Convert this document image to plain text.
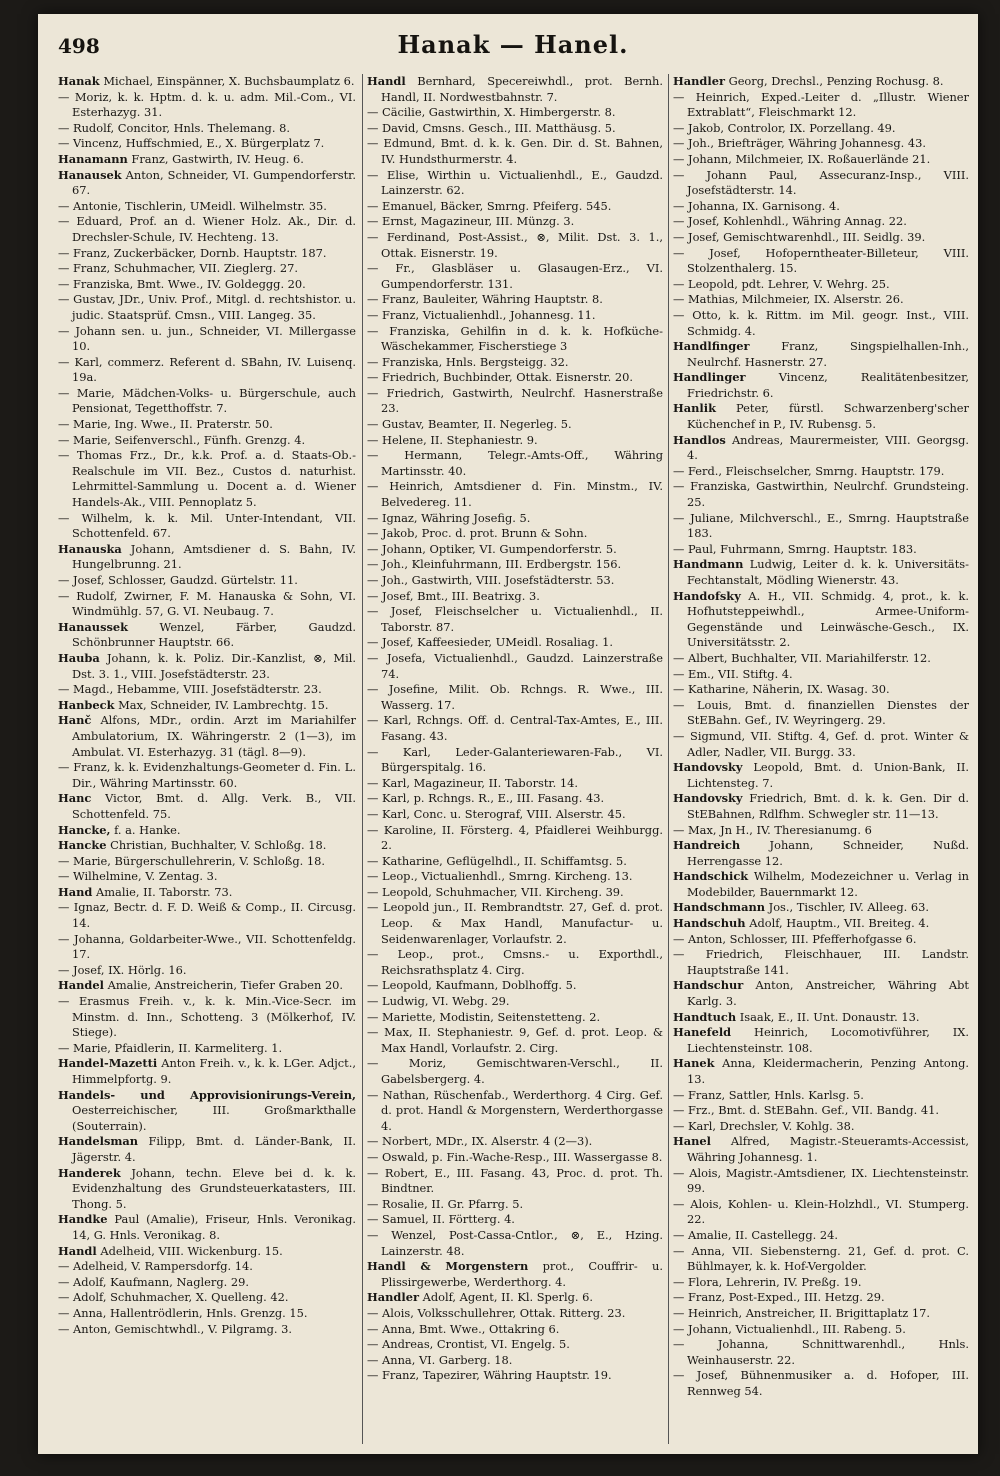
498	Hanak — Hanel.
Hanak Michael, Einspänner, X. Buchsbaumplatz 6.
— Moriz, k. k. Hptm. d. k. u. adm. Mil.-Com., VI. Esterhazyg. 31.
— Rudolf, Concitor, Hnls. Thelemang. 8.
— Vincenz, Huffschmied, E., X. Bürgerplatz 7.
Hanamann Franz, Gastwirth, IV. Heug. 6.
Hanausek Anton, Schneider, VI. Gumpendorferstr. 67.
— Antonie, Tischlerin, UMeidl. Wilhelmstr. 35.
— Eduard, Prof. an d. Wiener Holz. Ak., Dir. d. Drechsler-Schule, IV. Hechteng. 13.
— Franz, Zuckerbäcker, Dornb. Hauptstr. 187.
— Franz, Schuhmacher, VII. Zieglerg. 27.
— Franziska, Bmt. Wwe., IV. Goldeggg. 20.
— Gustav, JDr., Univ. Prof., Mitgl. d. rechtshistor. u. judic. Staatsprüf. Cmsn., VIII. Langeg. 35.
— Johann sen. u. jun., Schneider, VI. Millergasse 10.
— Karl, commerz. Referent d. SBahn, IV. Luisenq. 19a.
— Marie, Mädchen-Volks- u. Bürgerschule, auch Pensionat, Tegetthoffstr. 7.
— Marie, Ing. Wwe., II. Praterstr. 50.
— Marie, Seifenverschl., Fünfh. Grenzg. 4.
— Thomas Frz., Dr., k.k. Prof. a. d. Staats-Ob.-Realschule im VII. Bez., Custos d. naturhist. Lehrmittel-Sammlung u. Docent a. d. Wiener Handels-Ak., VIII. Pennoplatz 5.
— Wilhelm, k. k. Mil. Unter-Intendant, VII. Schottenfeld. 67.
Hanauska Johann, Amtsdiener d. S. Bahn, IV. Hungelbrunng. 21.
— Josef, Schlosser, Gaudzd. Gürtelstr. 11.
— Rudolf, Zwirner, F. M. Hanauska & Sohn, VI. Windmühlg. 57, G. VI. Neubaug. 7.
Hanaussek Wenzel, Färber, Gaudzd. Schönbrunner Hauptstr. 66.
Hauba Johann, k. k. Poliz. Dir.-Kanzlist, ⊗, Mil. Dst. 3. 1., VIII. Josefstädterstr. 23.
— Magd., Hebamme, VIII. Josefstädterstr. 23.
Hanbeck Max, Schneider, IV. Lambrechtg. 15.
Hanč Alfons, MDr., ordin. Arzt im Mariahilfer Ambulatorium, IX. Währingerstr. 2 (1—3), im Ambulat. VI. Esterhazyg. 31 (tägl. 8—9).
— Franz, k. k. Evidenzhaltungs-Geometer d. Fin. L. Dir., Währing Martinsstr. 60.
Hanc Victor, Bmt. d. Allg. Verk. B., VII. Schottenfeld. 75.
Hancke, f. a. Hanke.
Hancke Christian, Buchhalter, V. Schloßg. 18.
— Marie, Bürgerschullehrerin, V. Schloßg. 18.
— Wilhelmine, V. Zentag. 3.
Hand Amalie, II. Taborstr. 73.
— Ignaz, Bectr. d. F. D. Weiß & Comp., II. Circusg. 14.
— Johanna, Goldarbeiter-Wwe., VII. Schottenfeldg. 17.
— Josef, IX. Hörlg. 16.
Handel Amalie, Anstreicherin, Tiefer Graben 20.
— Erasmus Freih. v., k. k. Min.-Vice-Secr. im Minstm. d. Inn., Schotteng. 3 (Mölkerhof, IV. Stiege).
— Marie, Pfaidlerin, II. Karmeliterg. 1.
Handel-Mazetti Anton Freih. v., k. k. LGer. Adjct., Himmelpfortg. 9.
Handels- und Approvisionirungs-Verein, Oesterreichischer, III. Großmarkthalle (Souterrain).
Handelsman Filipp, Bmt. d. Länder-Bank, II. Jägerstr. 4.
Handerek Johann, techn. Eleve bei d. k. k. Evidenzhaltung des Grundsteuerkatasters, III. Thong. 5.
Handke Paul (Amalie), Friseur, Hnls. Veronikag. 14, G. Hnls. Veronikag. 8.
Handl Adelheid, VIII. Wickenburg. 15.
— Adelheid, V. Rampersdorfg. 14.
— Adolf, Kaufmann, Naglerg. 29.
— Adolf, Schuhmacher, X. Quelleng. 42.
— Anna, Hallentrödlerin, Hnls. Grenzg. 15.
— Anton, Gemischtwhdl., V. Pilgramg. 3.
Handl Bernhard, Specereiwhdl., prot. Bernh. Handl, II. Nordwestbahnstr. 7.
— Cäcilie, Gastwirthin, X. Himbergerstr. 8.
— David, Cmsns. Gesch., III. Matthäusg. 5.
— Edmund, Bmt. d. k. k. Gen. Dir. d. St. Bahnen, IV. Hundsthurmerstr. 4.
— Elise, Wirthin u. Victualienhdl., E., Gaudzd. Lainzerstr. 62.
— Emanuel, Bäcker, Smrng. Pfeiferg. 545.
— Ernst, Magazineur, III. Münzg. 3.
— Ferdinand, Post-Assist., ⊗, Milit. Dst. 3. 1., Ottak. Eisnerstr. 19.
— Fr., Glasbläser u. Glasaugen-Erz., VI. Gumpendorferstr. 131.
— Franz, Bauleiter, Währing Hauptstr. 8.
— Franz, Victualienhdl., Johannesg. 11.
— Franziska, Gehilfin in d. k. k. Hofküche-Wäschekammer, Fischerstiege 3
— Franziska, Hnls. Bergsteigg. 32.
— Friedrich, Buchbinder, Ottak. Eisnerstr. 20.
— Friedrich, Gastwirth, Neulrchf. Hasnerstraße 23.
— Gustav, Beamter, II. Negerleg. 5.
— Helene, II. Stephaniestr. 9.
— Hermann, Telegr.-Amts-Off., Währing Martinsstr. 40.
— Heinrich, Amtsdiener d. Fin. Minstm., IV. Belvedereg. 11.
— Ignaz, Währing Josefig. 5.
— Jakob, Proc. d. prot. Brunn & Sohn.
— Johann, Optiker, VI. Gumpendorferstr. 5.
— Joh., Kleinfuhrmann, III. Erdbergstr. 156.
— Joh., Gastwirth, VIII. Josefstädterstr. 53.
— Josef, Bmt., III. Beatrixg. 3.
— Josef, Fleischselcher u. Victualienhdl., II. Taborstr. 87.
— Josef, Kaffeesieder, UMeidl. Rosaliag. 1.
— Josefa, Victualienhdl., Gaudzd. Lainzerstraße 74.
— Josefine, Milit. Ob. Rchngs. R. Wwe., III. Wasserg. 17.
— Karl, Rchngs. Off. d. Central-Tax-Amtes, E., III. Fasang. 43.
— Karl, Leder-Galanteriewaren-Fab., VI. Bürgerspitalg. 16.
— Karl, Magazineur, II. Taborstr. 14.
— Karl, p. Rchngs. R., E., III. Fasang. 43.
— Karl, Conc. u. Sterograf, VIII. Alserstr. 45.
— Karoline, II. Försterg. 4, Pfaidlerei Weihburgg. 2.
— Katharine, Geflügelhdl., II. Schiffamtsg. 5.
— Leop., Victualienhdl., Smrng. Kircheng. 13.
— Leopold, Schuhmacher, VII. Kircheng. 39.
— Leopold jun., II. Rembrandtstr. 27, Gef. d. prot. Leop. & Max Handl, Manufactur- u. Seidenwarenlager, Vorlaufstr. 2.
— Leop., prot., Cmsns.- u. Exporthdl., Reichsrathsplatz 4. Cirg.
— Leopold, Kaufmann, Doblhoffg. 5.
— Ludwig, VI. Webg. 29.
— Mariette, Modistin, Seitenstetteng. 2.
— Max, II. Stephaniestr. 9, Gef. d. prot. Leop. & Max Handl, Vorlaufstr. 2. Cirg.
— Moriz, Gemischtwaren-Verschl., II. Gabelsbergerg. 4.
— Nathan, Rüschenfab., Werderthorg. 4 Cirg. Gef. d. prot. Handl & Morgenstern, Werderthorgasse 4.
— Norbert, MDr., IX. Alserstr. 4 (2—3).
— Oswald, p. Fin.-Wache-Resp., III. Wassergasse 8.
— Robert, E., III. Fasang. 43, Proc. d. prot. Th. Bindtner.
— Rosalie, II. Gr. Pfarrg. 5.
— Samuel, II. Förtterg. 4.
— Wenzel, Post-Cassa-Cntlor., ⊗, E., Hzing. Lainzerstr. 48.
Handl & Morgenstern prot., Couffrir- u. Plissirgewerbe, Werderthorg. 4.
Handler Adolf, Agent, II. Kl. Sperlg. 6.
— Alois, Volksschullehrer, Ottak. Ritterg. 23.
— Anna, Bmt. Wwe., Ottakring 6.
— Andreas, Crontist, VI. Engelg. 5.
— Anna, VI. Garberg. 18.
— Franz, Tapezirer, Währing Hauptstr. 19.
Handler Georg, Drechsl., Penzing Rochusg. 8.
— Heinrich, Exped.-Leiter d. „Illustr. Wiener Extrablatt“, Fleischmarkt 12.
— Jakob, Controlor, IX. Porzellang. 49.
— Joh., Briefträger, Währing Johannesg. 43.
— Johann, Milchmeier, IX. Roßauerlände 21.
— Johann Paul, Assecuranz-Insp., VIII. Josefstädterstr. 14.
— Johanna, IX. Garnisong. 4.
— Josef, Kohlenhdl., Währing Annag. 22.
— Josef, Gemischtwarenhdl., III. Seidlg. 39.
— Josef, Hofoperntheater-Billeteur, VIII. Stolzenthalerg. 15.
— Leopold, pdt. Lehrer, V. Wehrg. 25.
— Mathias, Milchmeier, IX. Alserstr. 26.
— Otto, k. k. Rittm. im Mil. geogr. Inst., VIII. Schmidg. 4.
Handlfinger Franz, Singspielhallen-Inh., Neulrchf. Hasnerstr. 27.
Handlinger Vincenz, Realitätenbesitzer, Friedrichstr. 6.
Hanlik Peter, fürstl. Schwarzenberg'scher Küchenchef in P., IV. Rubensg. 5.
Handlos Andreas, Maurermeister, VIII. Georgsg. 4.
— Ferd., Fleischselcher, Smrng. Hauptstr. 179.
— Franziska, Gastwirthin, Neulrchf. Grundsteing. 25.
— Juliane, Milchverschl., E., Smrng. Hauptstraße 183.
— Paul, Fuhrmann, Smrng. Hauptstr. 183.
Handmann Ludwig, Leiter d. k. k. Universitäts-Fechtanstalt, Mödling Wienerstr. 43.
Handofsky A. H., VII. Schmidg. 4, prot., k. k. Hofhutsteppeiwhdl., Armee-Uniform-Gegenstände und Leinwäsche-Gesch., IX. Universitätsstr. 2.
— Albert, Buchhalter, VII. Mariahilferstr. 12.
— Em., VII. Stiftg. 4.
— Katharine, Näherin, IX. Wasag. 30.
— Louis, Bmt. d. finanziellen Dienstes der StEBahn. Gef., IV. Weyringerg. 29.
— Sigmund, VII. Stiftg. 4, Gef. d. prot. Winter & Adler, Nadler, VII. Burgg. 33.
Handovsky Leopold, Bmt. d. Union-Bank, II. Lichtensteg. 7.
Handovsky Friedrich, Bmt. d. k. k. Gen. Dir d. StEBahnen, Rdlfhm. Schwegler str. 11—13.
— Max, Jn H., IV. Theresianumg. 6
Handreich Johann, Schneider, Nußd. Herrengasse 12.
Handschick Wilhelm, Modezeichner u. Verlag in Modebilder, Bauernmarkt 12.
Handschmann Jos., Tischler, IV. Alleeg. 63.
Handschuh Adolf, Hauptm., VII. Breiteg. 4.
— Anton, Schlosser, III. Pfefferhofgasse 6.
— Friedrich, Fleischhauer, III. Landstr. Hauptstraße 141.
Handschur Anton, Anstreicher, Währing Abt Karlg. 3.
Handtuch Isaak, E., II. Unt. Donaustr. 13.
Hanefeld Heinrich, Locomotivführer, IX. Liechtensteinstr. 108.
Hanek Anna, Kleidermacherin, Penzing Antong. 13.
— Franz, Sattler, Hnls. Karlsg. 5.
— Frz., Bmt. d. StEBahn. Gef., VII. Bandg. 41.
— Karl, Drechsler, V. Kohlg. 38.
Hanel Alfred, Magistr.-Steueramts-Accessist, Währing Johannesg. 1.
— Alois, Magistr.-Amtsdiener, IX. Liechtensteinstr. 99.
— Alois, Kohlen- u. Klein-Holzhdl., VI. Stumperg. 22.
— Amalie, II. Castellegg. 24.
— Anna, VII. Siebensterng. 21, Gef. d. prot. C. Bühlmayer, k. k. Hof-Vergolder.
— Flora, Lehrerin, IV. Preßg. 19.
— Franz, Post-Exped., III. Hetzg. 29.
— Heinrich, Anstreicher, II. Brigittaplatz 17.
— Johann, Victualienhdl., III. Rabeng. 5.
— Johanna, Schnittwarenhdl., Hnls. Weinhauserstr. 22.
— Josef, Bühnenmusiker a. d. Hofoper, III. Rennweg 54.
